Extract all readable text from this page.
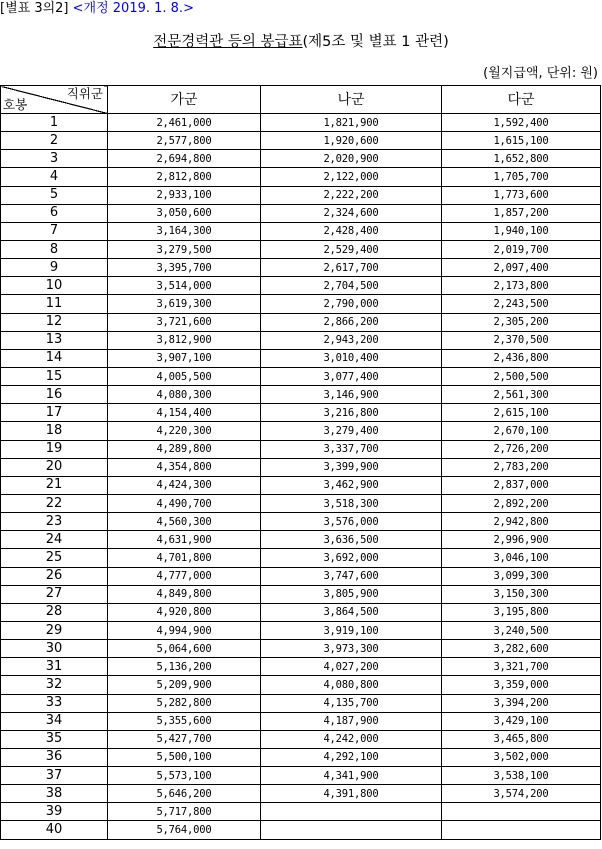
[별표 3의2] <개정 2019. 1. 8.>
전문경력관 등의 봉급표(제5조 및 별표 1 관련)
(월지급액, 단위: 원)
직위군
호봉	가군	나군	다군
1	2,461,000	1,821,900	1,592,400
2	2,577,800	1,920,600	1,615,100
3	2,694,800	2,020,900	1,652,800
4	2,812,800	2,122,000	1,705,700
5	2,933,100	2,222,200	1,773,600
6	3,050,600	2,324,600	1,857,200
7	3,164,300	2,428,400	1,940,100
8	3,279,500	2,529,400	2,019,700
9	3,395,700	2,617,700	2,097,400
10	3,514,000	2,704,500	2,173,800
11	3,619,300	2,790,000	2,243,500
12	3,721,600	2,866,200	2,305,200
13	3,812,900	2,943,200	2,370,500
14	3,907,100	3,010,400	2,436,800
15	4,005,500	3,077,400	2,500,500
16	4,080,300	3,146,900	2,561,300
17	4,154,400	3,216,800	2,615,100
18	4,220,300	3,279,400	2,670,100
19	4,289,800	3,337,700	2,726,200
20	4,354,800	3,399,900	2,783,200
21	4,424,300	3,462,900	2,837,000
22	4,490,700	3,518,300	2,892,200
23	4,560,300	3,576,000	2,942,800
24	4,631,900	3,636,500	2,996,900
25	4,701,800	3,692,000	3,046,100
26	4,777,000	3,747,600	3,099,300
27	4,849,800	3,805,900	3,150,300
28	4,920,800	3,864,500	3,195,800
29	4,994,900	3,919,100	3,240,500
30	5,064,600	3,973,300	3,282,600
31	5,136,200	4,027,200	3,321,700
32	5,209,900	4,080,800	3,359,000
33	5,282,800	4,135,700	3,394,200
34	5,355,600	4,187,900	3,429,100
35	5,427,700	4,242,000	3,465,800
36	5,500,100	4,292,100	3,502,000
37	5,573,100	4,341,900	3,538,100
38	5,646,200	4,391,800	3,574,200
39	5,717,800		
40	5,764,000		
